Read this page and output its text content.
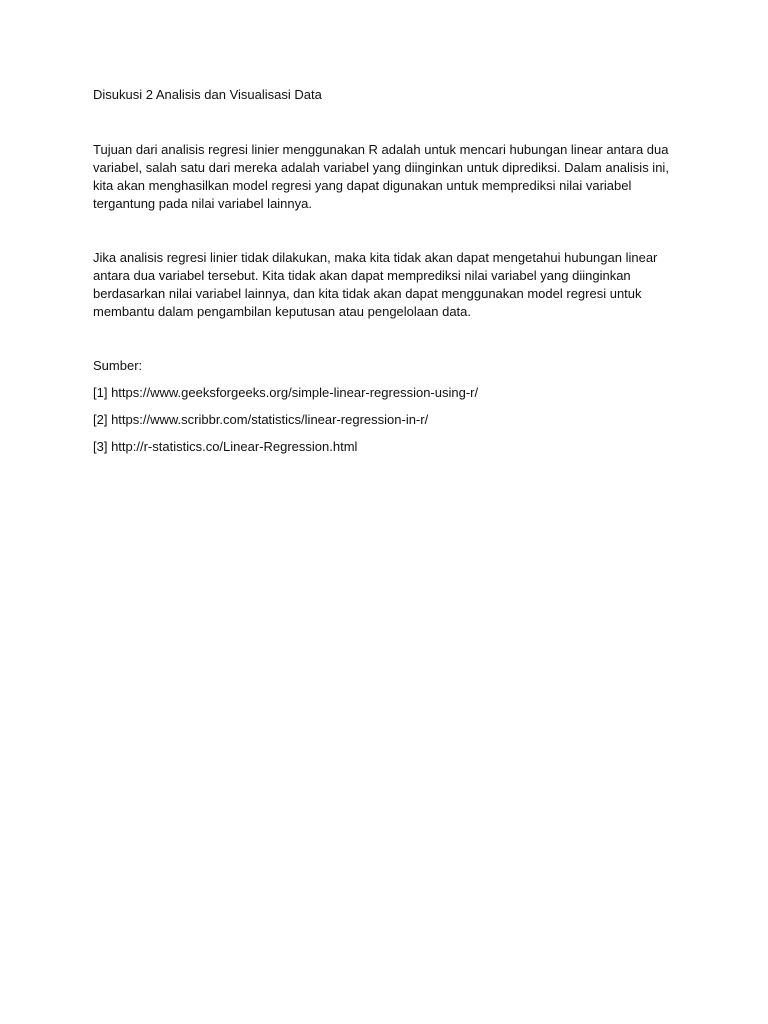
Disukusi 2 Analisis dan Visualisasi Data

Tujuan dari analisis regresi linier menggunakan R adalah untuk mencari hubungan linear antara dua variabel, salah satu dari mereka adalah variabel yang diinginkan untuk diprediksi. Dalam analisis ini, kita akan menghasilkan model regresi yang dapat digunakan untuk memprediksi nilai variabel tergantung pada nilai variabel lainnya.

Jika analisis regresi linier tidak dilakukan, maka kita tidak akan dapat mengetahui hubungan linear antara dua variabel tersebut. Kita tidak akan dapat memprediksi nilai variabel yang diinginkan berdasarkan nilai variabel lainnya, dan kita tidak akan dapat menggunakan model regresi untuk membantu dalam pengambilan keputusan atau pengelolaan data.

Sumber:

[1] https://www.geeksforgeeks.org/simple-linear-regression-using-r/

[2] https://www.scribbr.com/statistics/linear-regression-in-r/

[3] http://r-statistics.co/Linear-Regression.html
